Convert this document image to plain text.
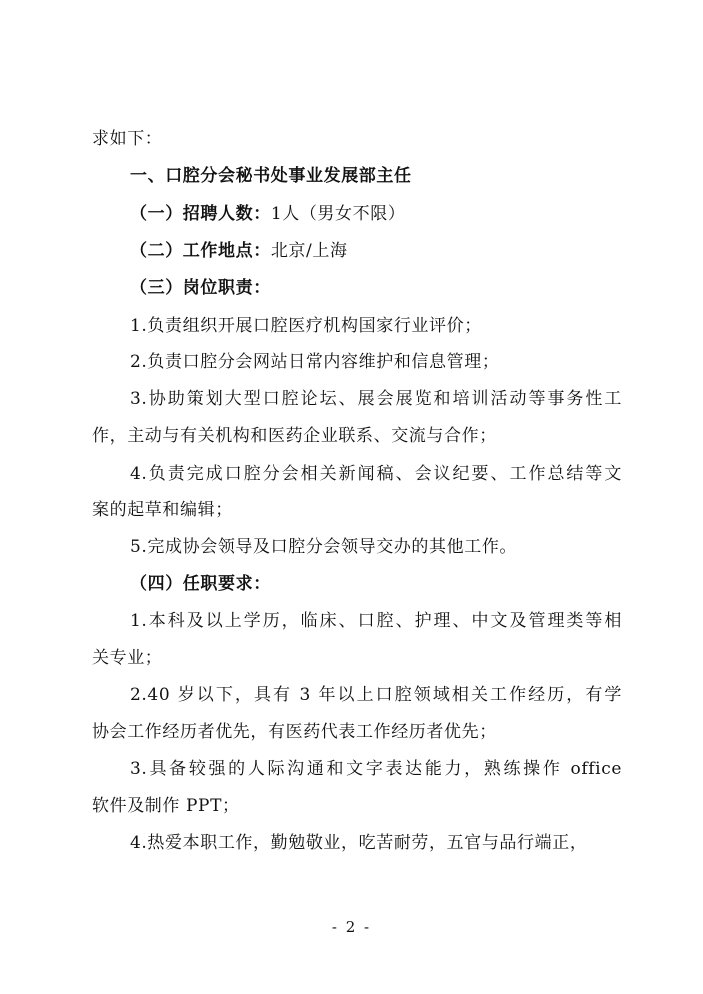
求如下：
一、口腔分会秘书处事业发展部主任
（一）招聘人数：1人（男女不限）
（二）工作地点：北京/上海
（三）岗位职责：
1.负责组织开展口腔医疗机构国家行业评价；
2.负责口腔分会网站日常内容维护和信息管理；
3.协助策划大型口腔论坛、展会展览和培训活动等事务性工
作，主动与有关机构和医药企业联系、交流与合作；
4.负责完成口腔分会相关新闻稿、会议纪要、工作总结等文
案的起草和编辑；
5.完成协会领导及口腔分会领导交办的其他工作。
（四）任职要求：
1.本科及以上学历，临床、口腔、护理、中文及管理类等相
关专业；
2.40 岁以下，具有 3 年以上口腔领域相关工作经历，有学
协会工作经历者优先，有医药代表工作经历者优先；
3.具备较强的人际沟通和文字表达能力，熟练操作 office
软件及制作 PPT；
4.热爱本职工作，勤勉敬业，吃苦耐劳，五官与品行端正，
- 2 -
